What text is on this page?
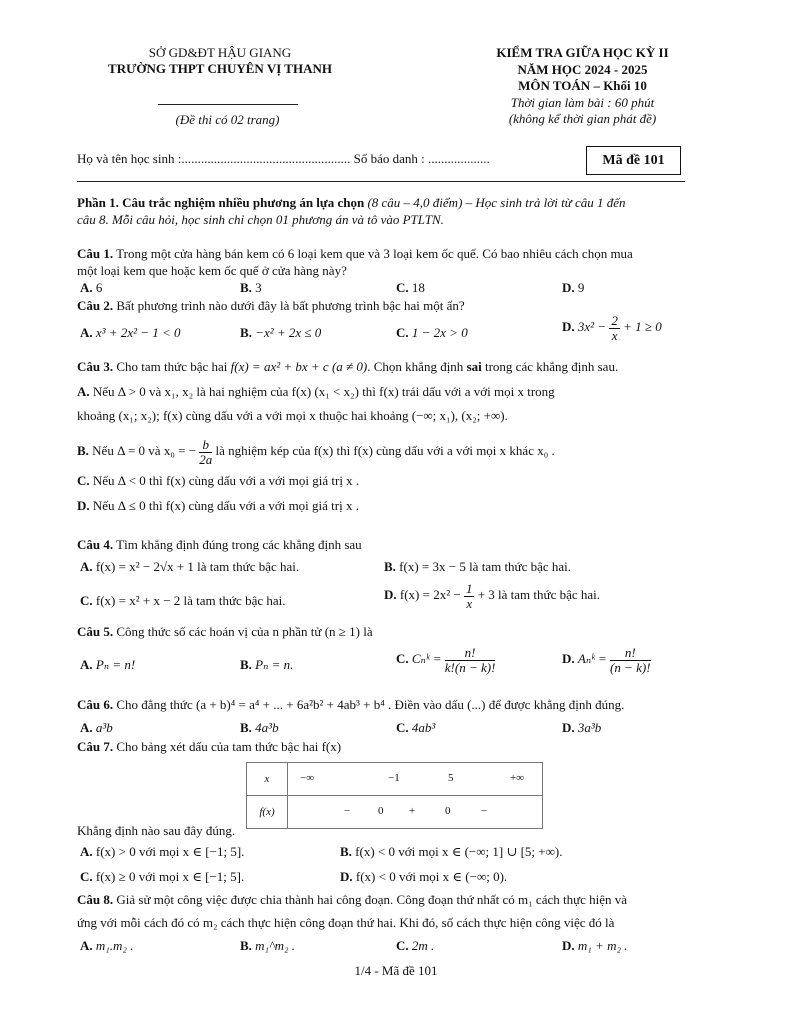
SỞ GD&ĐT HẬU GIANG
TRƯỜNG THPT CHUYÊN VỊ THANH
(Đề thi có 02 trang)
KIỂM TRA GIỮA HỌC KỲ II
NĂM HỌC 2024 - 2025
MÔN TOÁN – Khối 10
Thời gian làm bài : 60 phút
(không kể thời gian phát đề)
Họ và tên học sinh :.................................................... Số báo danh : ...................	Mã đề 101
Phần 1. Câu trắc nghiệm nhiều phương án lựa chọn (8 câu – 4,0 điểm) – Học sinh trả lời từ câu 1 đến
câu 8. Mỗi câu hỏi, học sinh chỉ chọn 01 phương án và tô vào PTLTN.
Câu 1. Trong một cửa hàng bán kem có 6 loại kem que và 3 loại kem ốc quế. Có bao nhiêu cách chọn mua
một loại kem que hoặc kem ốc quế ở cửa hàng này?
A. 6	B. 3	C. 18	D. 9
Câu 2. Bất phương trình nào dưới đây là bất phương trình bậc hai một ẩn?
A. x³ + 2x² − 1 < 0	B. −x² + 2x ≤ 0	C. 1 − 2x > 0	D. $3x^2 - \frac{2}{x} + 1 \ge 0$
Câu 3. Cho tam thức bậc hai f(x) = ax² + bx + c (a ≠ 0). Chọn khẳng định sai trong các khẳng định sau.
A. Nếu Δ > 0 và x₁, x₂ là hai nghiệm của f(x) (x₁ < x₂) thì f(x) trái dấu với a với mọi x trong
khoảng (x₁; x₂); f(x) cùng dấu với a với mọi x thuộc hai khoảng (−∞; x₁), (x₂; +∞).
B. Nếu Δ = 0 và x₀ = − $\frac{b}{2a}$ là nghiệm kép của f(x) thì f(x) cùng dấu với a với mọi x khác x₀ .
C. Nếu Δ < 0 thì f(x) cùng dấu với a với mọi giá trị x .
D. Nếu Δ ≤ 0 thì f(x) cùng dấu với a với mọi giá trị x .
Câu 4. Tìm khẳng định đúng trong các khẳng định sau
A. f(x) = x² − 2√x + 1 là tam thức bậc hai.	B. f(x) = 3x − 5 là tam thức bậc hai.
C. f(x) = x² + x − 2 là tam thức bậc hai.	D. $f(x) = 2x^2 - \frac{1}{x} + 3$ là tam thức bậc hai.
Câu 5. Công thức số các hoán vị của n phần tử (n ≥ 1) là
A. Pₙ = n!	B. Pₙ = n.	C. Cₙᵏ = $\frac{n!}{k!(n - k)!}$	D. Aₙᵏ = $\frac{n!}{(n - k)!}$
Câu 6. Cho đẳng thức (a + b)⁴ = a⁴ + ... + 6a²b² + 4ab³ + b⁴ . Điền vào dấu (...) để được khẳng định đúng.
A. a³b	B. 4a³b	C. 4ab³	D. 3a³b
Câu 7. Cho bảng xét dấu của tam thức bậc hai f(x)
x	−∞ −1 5 +∞

f(x)	− 0 + 0 −
Khẳng định nào sau đây đúng.
A. f(x) > 0 với mọi x ∈ [−1; 5].	B. f(x) < 0 với mọi x ∈ (−∞; 1] ∪ [5; +∞).
C. f(x) ≥ 0 với mọi x ∈ [−1; 5].	D. f(x) < 0 với mọi x ∈ (−∞; 0).
Câu 8. Giả sử một công việc được chia thành hai công đoạn. Công đoạn thứ nhất có m₁ cách thực hiện và
ứng với mỗi cách đó có m₂ cách thực hiện công đoạn thứ hai. Khi đó, số cách thực hiện công việc đó là
A. m₁.m₂ .	B. m₁^m₂ .	C. 2m .	D. m₁ + m₂ .
1/4 - Mã đề 101
